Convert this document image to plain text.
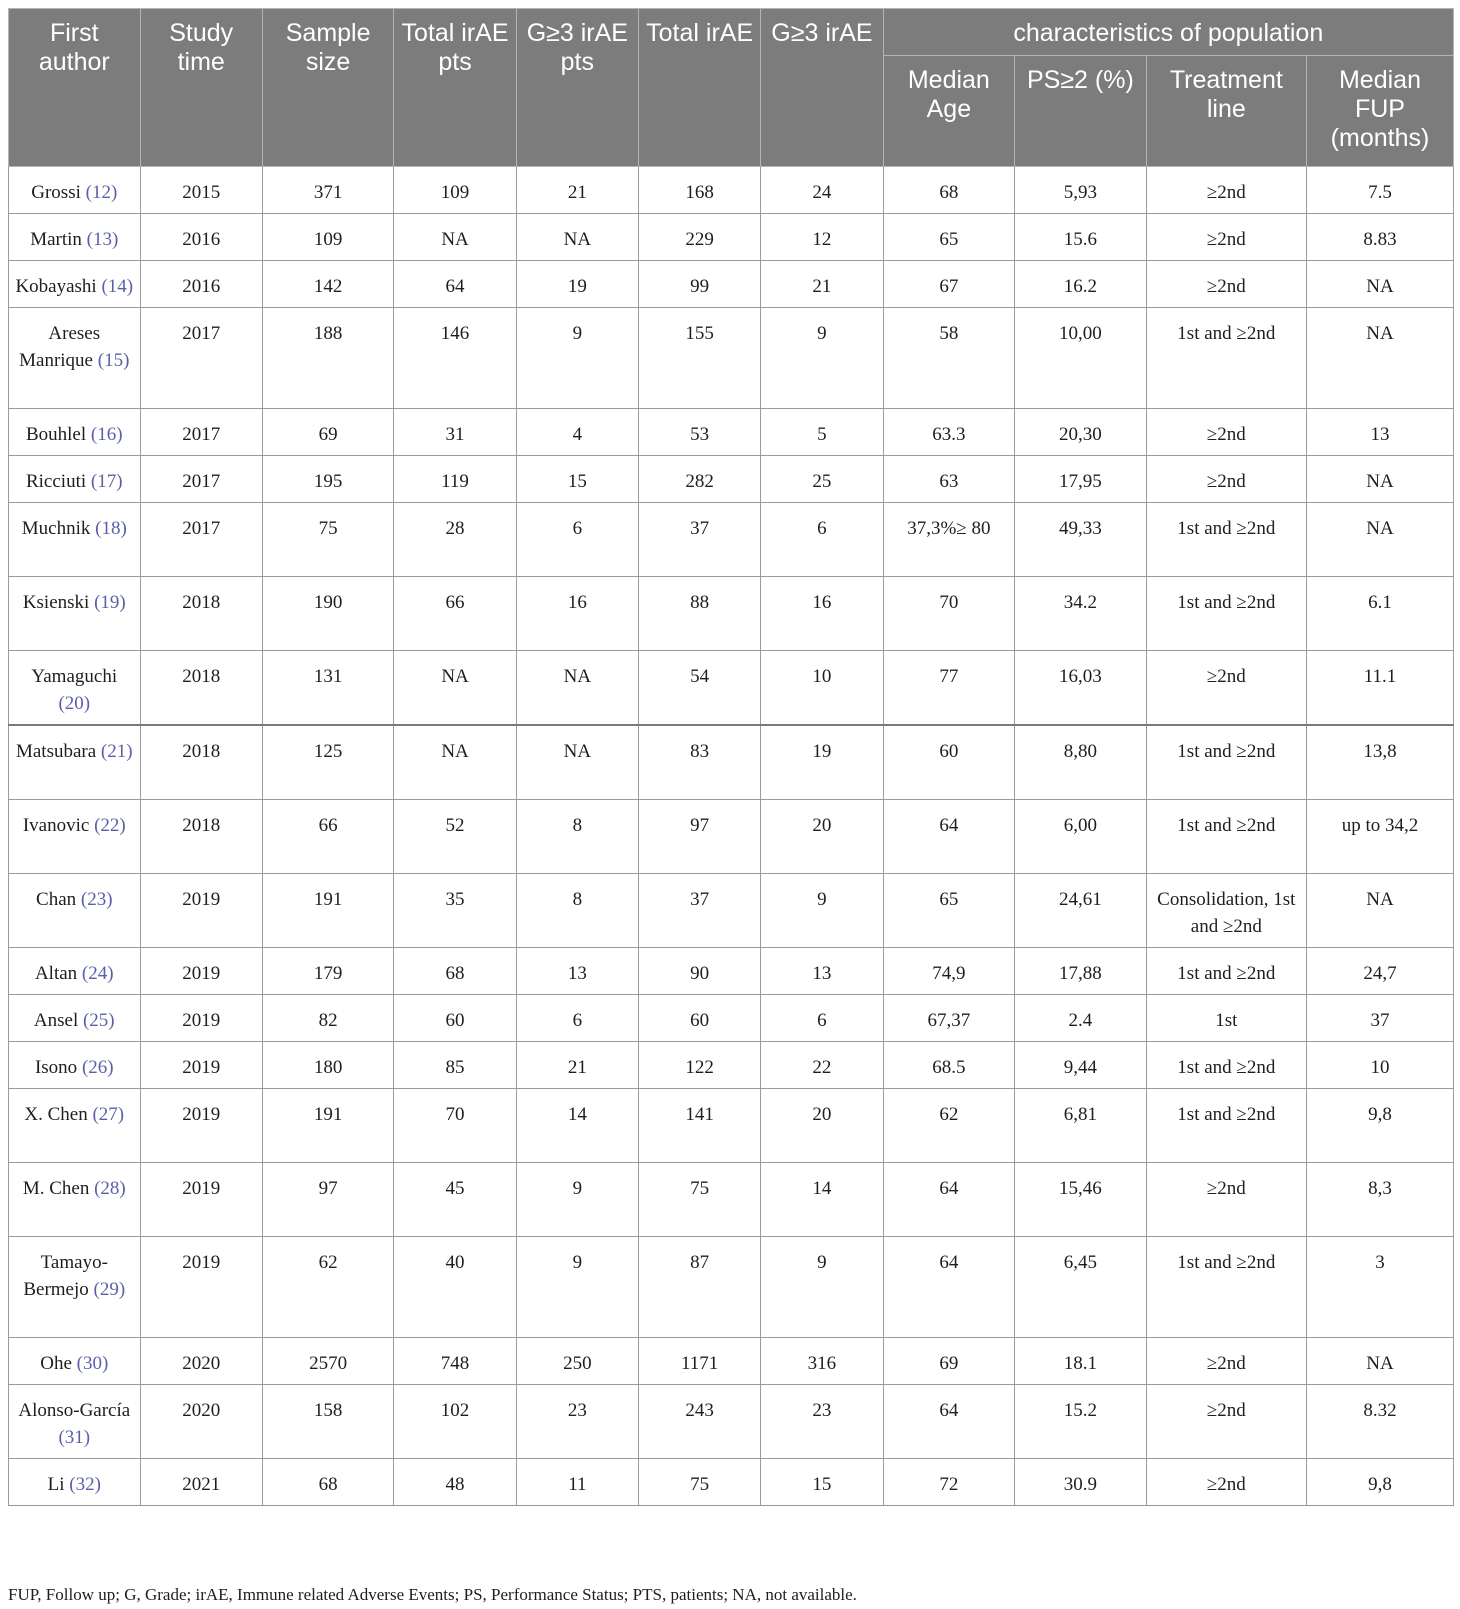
First author	Study time	Sample size	Total irAE pts	G≥3 irAE pts	Total irAE	G≥3 irAE	characteristics of population			
							Median Age	PS≥2 (%)	Treatment line	Median FUP (months)
Grossi (12)	2015	371	109	21	168	24	68	5,93	≥2nd	7.5
Martin (13)	2016	109	NA	NA	229	12	65	15.6	≥2nd	8.83
Kobayashi (14)	2016	142	64	19	99	21	67	16.2	≥2nd	NA
Areses Manrique (15)	2017	188	146	9	155	9	58	10,00	1st and ≥2nd	NA
Bouhlel (16)	2017	69	31	4	53	5	63.3	20,30	≥2nd	13
Ricciuti (17)	2017	195	119	15	282	25	63	17,95	≥2nd	NA
Muchnik (18)	2017	75	28	6	37	6	37,3%≥ 80	49,33	1st and ≥2nd	NA
Ksienski (19)	2018	190	66	16	88	16	70	34.2	1st and ≥2nd	6.1
Yamaguchi (20)	2018	131	NA	NA	54	10	77	16,03	≥2nd	11.1
Matsubara (21)	2018	125	NA	NA	83	19	60	8,80	1st and ≥2nd	13,8
Ivanovic (22)	2018	66	52	8	97	20	64	6,00	1st and ≥2nd	up to 34,2
Chan (23)	2019	191	35	8	37	9	65	24,61	Consolidation, 1st and ≥2nd	NA
Altan (24)	2019	179	68	13	90	13	74,9	17,88	1st and ≥2nd	24,7
Ansel (25)	2019	82	60	6	60	6	67,37	2.4	1st	37
Isono (26)	2019	180	85	21	122	22	68.5	9,44	1st and ≥2nd	10
X. Chen (27)	2019	191	70	14	141	20	62	6,81	1st and ≥2nd	9,8
M. Chen (28)	2019	97	45	9	75	14	64	15,46	≥2nd	8,3
Tamayo-Bermejo (29)	2019	62	40	9	87	9	64	6,45	1st and ≥2nd	3
Ohe (30)	2020	2570	748	250	1171	316	69	18.1	≥2nd	NA
Alonso-García (31)	2020	158	102	23	243	23	64	15.2	≥2nd	8.32
Li (32)	2021	68	48	11	75	15	72	30.9	≥2nd	9,8
FUP, Follow up; G, Grade; irAE, Immune related Adverse Events; PS, Performance Status; PTS, patients; NA, not available.
